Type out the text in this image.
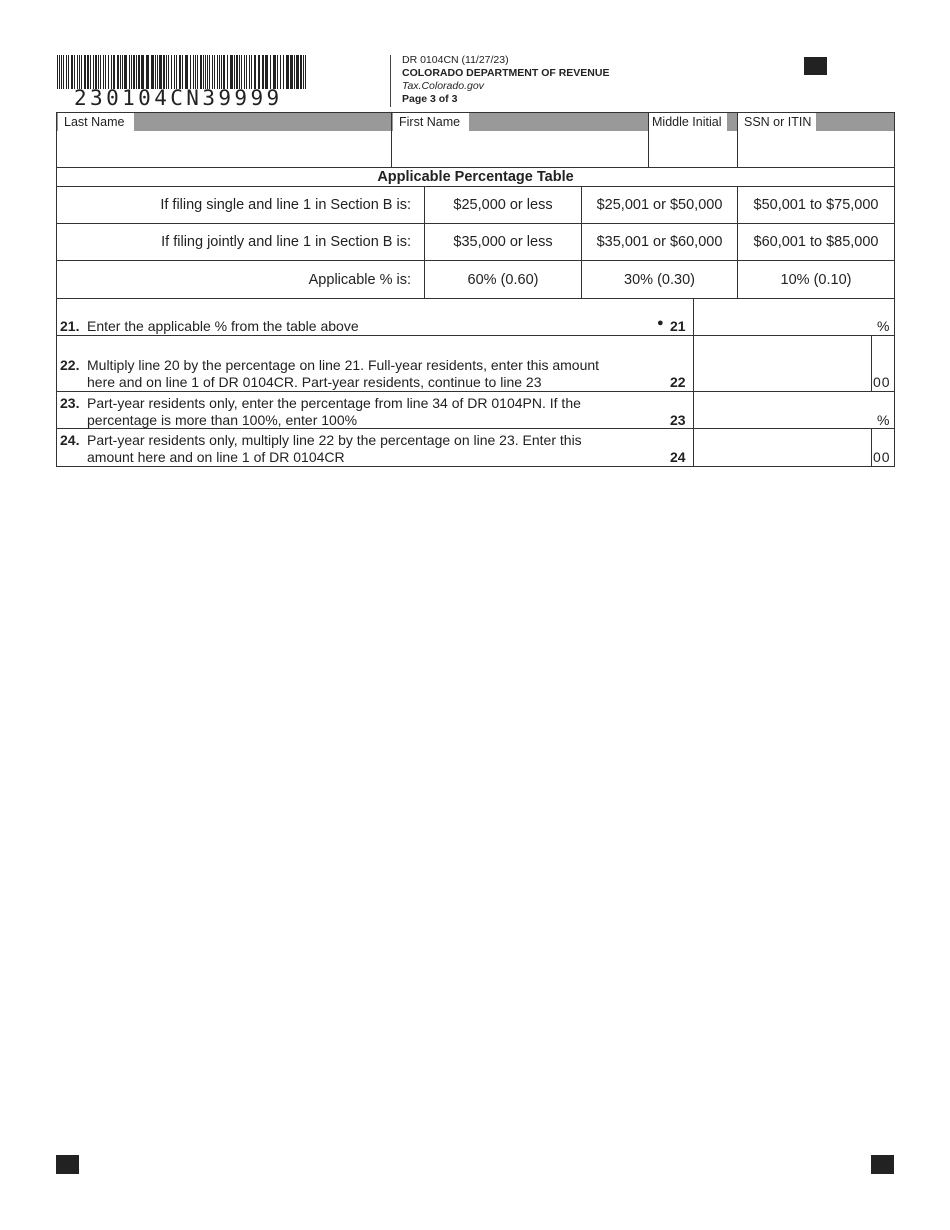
230104CN39999
DR 0104CN (11/27/23)
COLORADO DEPARTMENT OF REVENUE
Tax.Colorado.gov
Page 3 of 3
Last Name	First Name	Middle Initial	SSN or ITIN
Applicable Percentage Table
If filing single and line 1 in Section B is:	$25,000 or less	$25,001 or $50,000	$50,001 to $75,000
If filing jointly and line 1 in Section B is:	$35,000 or less	$35,001 or $60,000	$60,001 to $85,000
Applicable % is:	60% (0.60)	30% (0.30)	10% (0.10)
21. Enter the applicable % from the table above	● 21	%
22. Multiply line 20 by the percentage on line 21. Full-year residents, enter this amount
here and on line 1 of DR 0104CR. Part-year residents, continue to line 23	22	00
23. Part-year residents only, enter the percentage from line 34 of DR 0104PN. If the
percentage is more than 100%, enter 100%	23	%
24. Part-year residents only, multiply line 22 by the percentage on line 23. Enter this
amount here and on line 1 of DR 0104CR	24	00
